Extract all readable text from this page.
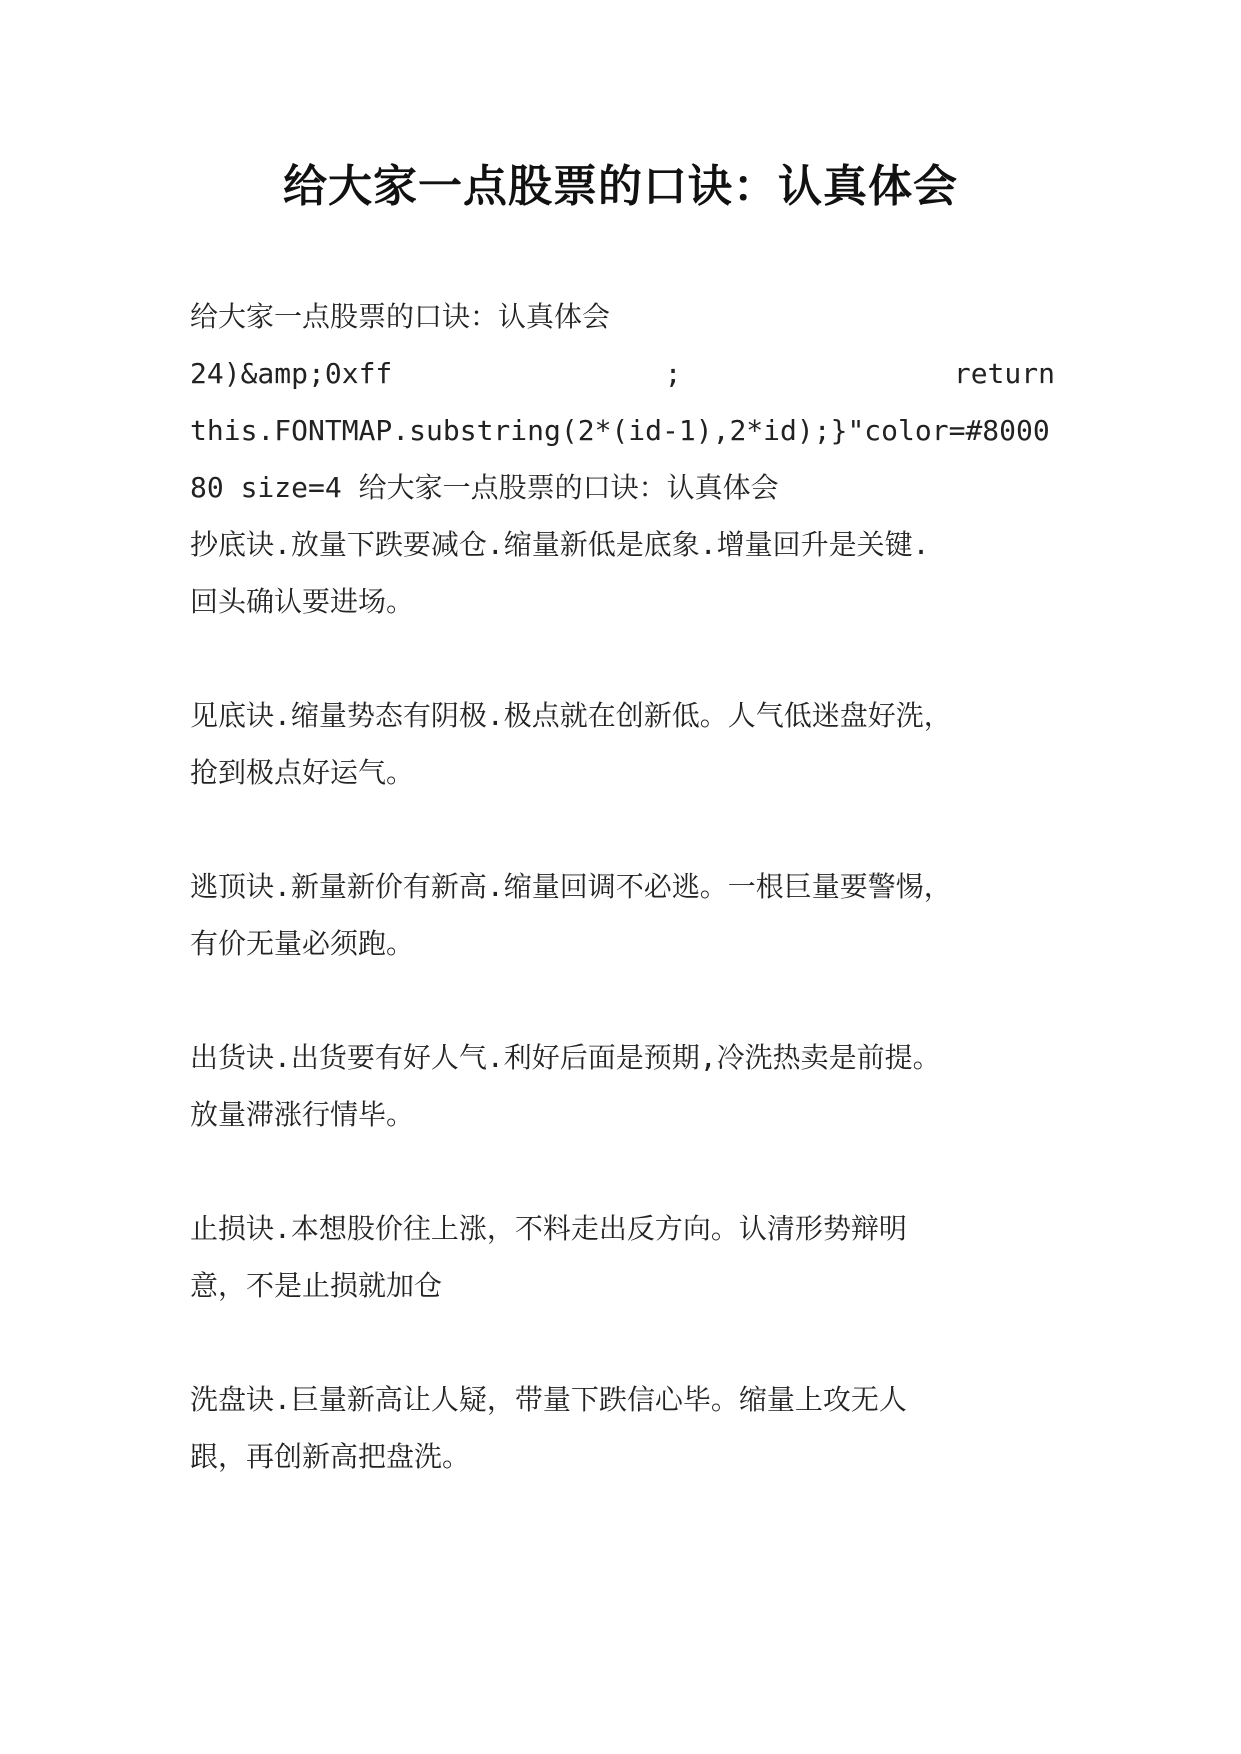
给大家一点股票的口诀：认真体会
给大家一点股票的口诀：认真体会
24)&amp;0xff	;	return
this.FONTMAP.substring(2*(id-1),2*id);}"color=#8000
80 size=4 给大家一点股票的口诀：认真体会

抄底诀.放量下跌要减仓.缩量新低是底象.增量回升是关键.

回头确认要进场。

见底诀.缩量势态有阴极.极点就在创新低。人气低迷盘好洗，

抢到极点好运气。

逃顶诀.新量新价有新高.缩量回调不必逃。一根巨量要警惕，

有价无量必须跑。

出货诀.出货要有好人气.利好后面是预期,冷洗热卖是前提。

放量滞涨行情毕。

止损诀.本想股价往上涨，不料走出反方向。认清形势辩明

意，不是止损就加仓

洗盘诀.巨量新高让人疑，带量下跌信心毕。缩量上攻无人

跟，再创新高把盘洗。
